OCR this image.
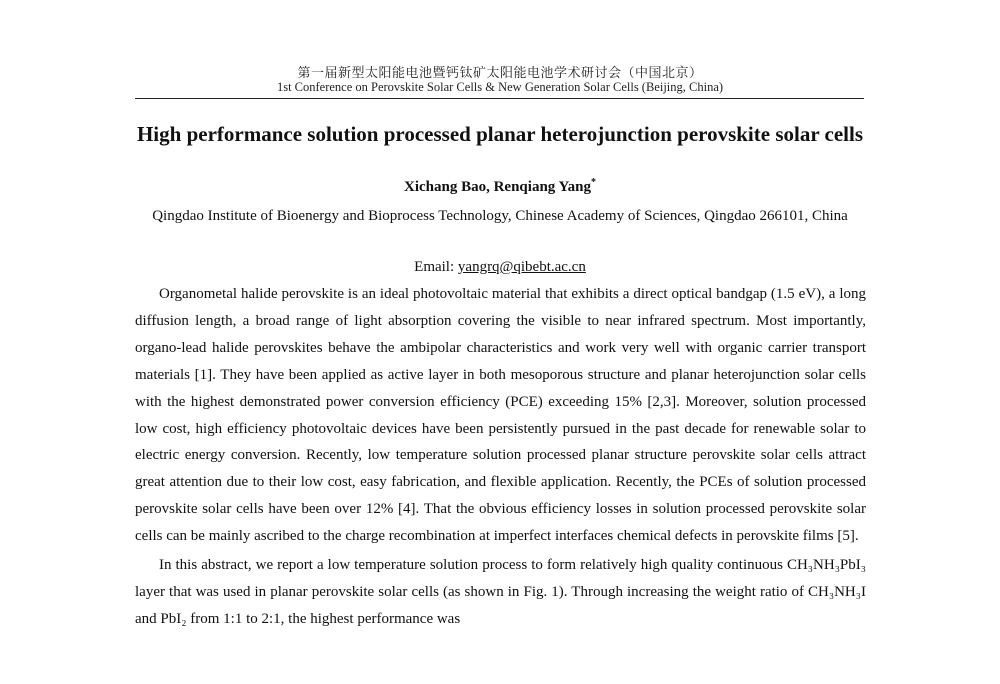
第一届新型太阳能电池暨钙钛矿太阳能电池学术研讨会（中国北京）
1st Conference on Perovskite Solar Cells & New Generation Solar Cells (Beijing, China)
High performance solution processed planar heterojunction perovskite solar cells
Xichang Bao, Renqiang Yang*
Qingdao Institute of Bioenergy and Bioprocess Technology, Chinese Academy of Sciences, Qingdao 266101, China
Email: yangrq@qibebt.ac.cn

Organometal halide perovskite is an ideal photovoltaic material that exhibits a direct optical bandgap (1.5 eV), a long diffusion length, a broad range of light absorption covering the visible to near infrared spectrum. Most importantly, organo-lead halide perovskites behave the ambipolar characteristics and work very well with organic carrier transport materials [1]. They have been applied as active layer in both mesoporous structure and planar heterojunction solar cells with the highest demonstrated power conversion efficiency (PCE) exceeding 15% [2,3]. Moreover, solution processed low cost, high efficiency photovoltaic devices have been persistently pursued in the past decade for renewable solar to electric energy conversion. Recently, low temperature solution processed planar structure perovskite solar cells attract great attention due to their low cost, easy fabrication, and flexible application. Recently, the PCEs of solution processed perovskite solar cells have been over 12% [4]. That the obvious efficiency losses in solution processed perovskite solar cells can be mainly ascribed to the charge recombination at imperfect interfaces chemical defects in perovskite films [5].

In this abstract, we report a low temperature solution process to form relatively high quality continuous CH₃NH₃PbI₃ layer that was used in planar perovskite solar cells (as shown in Fig. 1). Through increasing the weight ratio of CH₃NH₃I and PbI₂ from 1:1 to 2:1, the highest performance was
